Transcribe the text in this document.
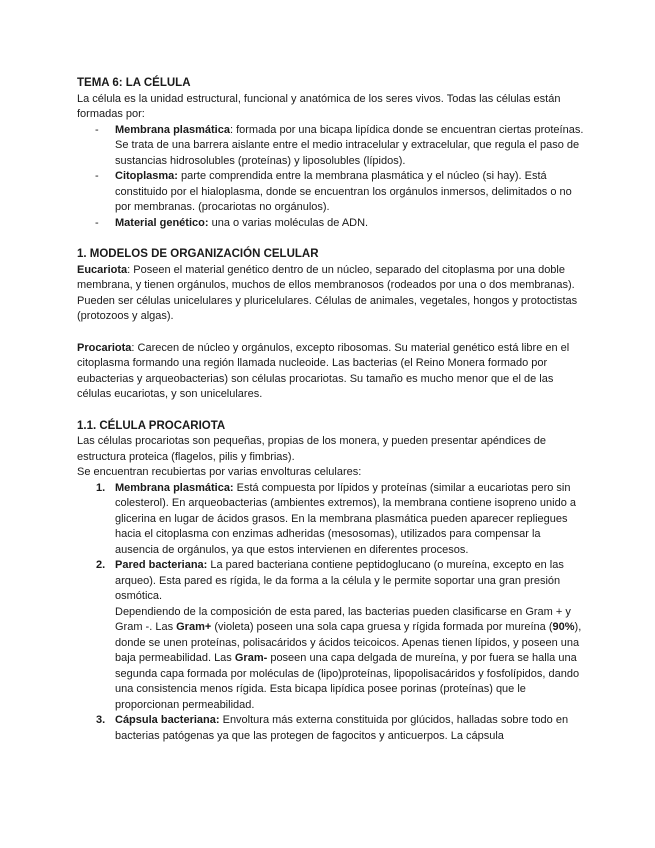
TEMA 6: LA CÉLULA

La célula es la unidad estructural, funcional y anatómica de los seres vivos. Todas las células están formadas por:

- Membrana plasmática: formada por una bicapa lipídica donde se encuentran ciertas proteínas. Se trata de una barrera aislante entre el medio intracelular y extracelular, que regula el paso de sustancias hidrosolubles (proteínas) y liposolubles (lípidos).
- Citoplasma: parte comprendida entre la membrana plasmática y el núcleo (si hay). Está constituido por el hialoplasma, donde se encuentran los orgánulos inmersos, delimitados o no por membranas. (procariotas no orgánulos).
- Material genético: una o varias moléculas de ADN.
1. MODELOS DE ORGANIZACIÓN CELULAR

Eucariota: Poseen el material genético dentro de un núcleo, separado del citoplasma por una doble membrana, y tienen orgánulos, muchos de ellos membranosos (rodeados por una o dos membranas). Pueden ser células unicelulares y pluricelulares. Células de animales, vegetales, hongos y protoctistas (protozoos y algas).

Procariota: Carecen de núcleo y orgánulos, excepto ribosomas. Su material genético está libre en el citoplasma formando una región llamada nucleoide. Las bacterias (el Reino Monera formado por eubacterias y arqueobacterias) son células procariotas. Su tamaño es mucho menor que el de las células eucariotas, y son unicelulares.

1.1. CÉLULA PROCARIOTA

Las células procariotas son pequeñas, propias de los monera, y pueden presentar apéndices de estructura proteica (flagelos, pilis y fimbrias).

Se encuentran recubiertas por varias envolturas celulares:

1. Membrana plasmática: Está compuesta por lípidos y proteínas (similar a eucariotas pero sin colesterol). En arqueobacterias (ambientes extremos), la membrana contiene isopreno unido a glicerina en lugar de ácidos grasos. En la membrana plasmática pueden aparecer repliegues hacia el citoplasma con enzimas adheridas (mesosomas), utilizados para compensar la ausencia de orgánulos, ya que estos intervienen en diferentes procesos.
2. Pared bacteriana: La pared bacteriana contiene peptidoglucano (o mureína, excepto en las arqueo). Esta pared es rígida, le da forma a la célula y le permite soportar una gran presión osmótica.
Dependiendo de la composición de esta pared, las bacterias pueden clasificarse en Gram + y Gram -. Las Gram+ (violeta) poseen una sola capa gruesa y rígida formada por mureína (90%), donde se unen proteínas, polisacáridos y ácidos teicoicos. Apenas tienen lípidos, y poseen una baja permeabilidad. Las Gram- poseen una capa delgada de mureína, y por fuera se halla una segunda capa formada por moléculas de (lipo)proteínas, lipopolisacáridos y fosfolípidos, dando una consistencia menos rígida. Esta bicapa lipídica posee porinas (proteínas) que le proporcionan permeabilidad.
3. Cápsula bacteriana: Envoltura más externa constituida por glúcidos, halladas sobre todo en bacterias patógenas ya que las protegen de fagocitos y anticuerpos. La cápsula
